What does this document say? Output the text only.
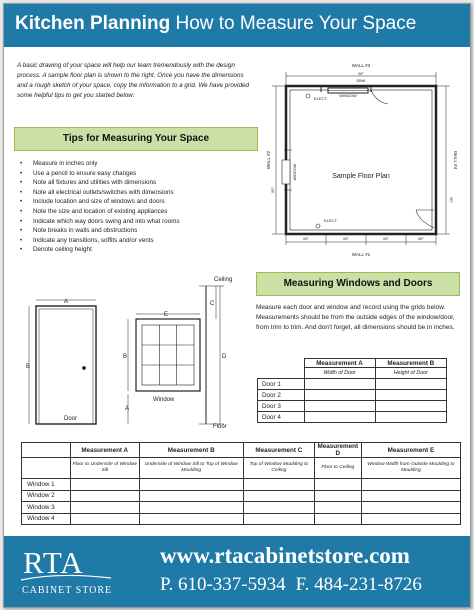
Kitchen Planning How to Measure Your Space
A basic drawing of your space will help our team tremendously with the design process. A sample floor plan is shown to the right. Once you have the dimensions and a rough sketch of your space, copy the information to a grid. We have provided some helpful tips to get you started below:
Tips for Measuring Your Space
• Measure in inches only
• Use a pencil to ensure easy changes
• Note all fixtures and utilities with dimensions
• Note all electrical outlets/switches with dimensions
• Include location and size of windows and doors
• Note the size and location of existing appliances
• Indicate which way doors swing and into what rooms
• Note breaks in walls and obstructions
• Indicate any transitions, soffits and/or vents
• Denote ceiling height
WALL #3
SINK
WINDOW
00"
ELECT.
ELECT.
Sample Floor Plan
WALL #1
00"	00"	00"	00"
WALL #2
00"
WINDOW
WALL #4
00"
A
B
C
D
E
A
B
Ceiling
Floor
Door
Window
Measuring Windows and Doors
Measure each door and window and record using the grids below. Measurements should be from the outside edges of the window/door, from trim to trim. And don't forget, all dimensions should be in inches.
	Measurement A	Measurement B
	Width of Door	Height of Door
Door 1		
Door 2		
Door 3		
Door 4		
	Measurement A	Measurement B	Measurement C	Measurement D	Measurement E
	Floor to Underside of Window Sill	Underside of Window Sill to Top of Window Moulding	Top of Window Moulding to Ceiling	Floor to Ceiling	Window Width from Outside Moulding to Moulding
Window 1					
Window 2					
Window 3					
Window 4					
RTA
CABINET STORE
www.rtacabinetstore.com
P. 610-337-5934 F. 484-231-8726
